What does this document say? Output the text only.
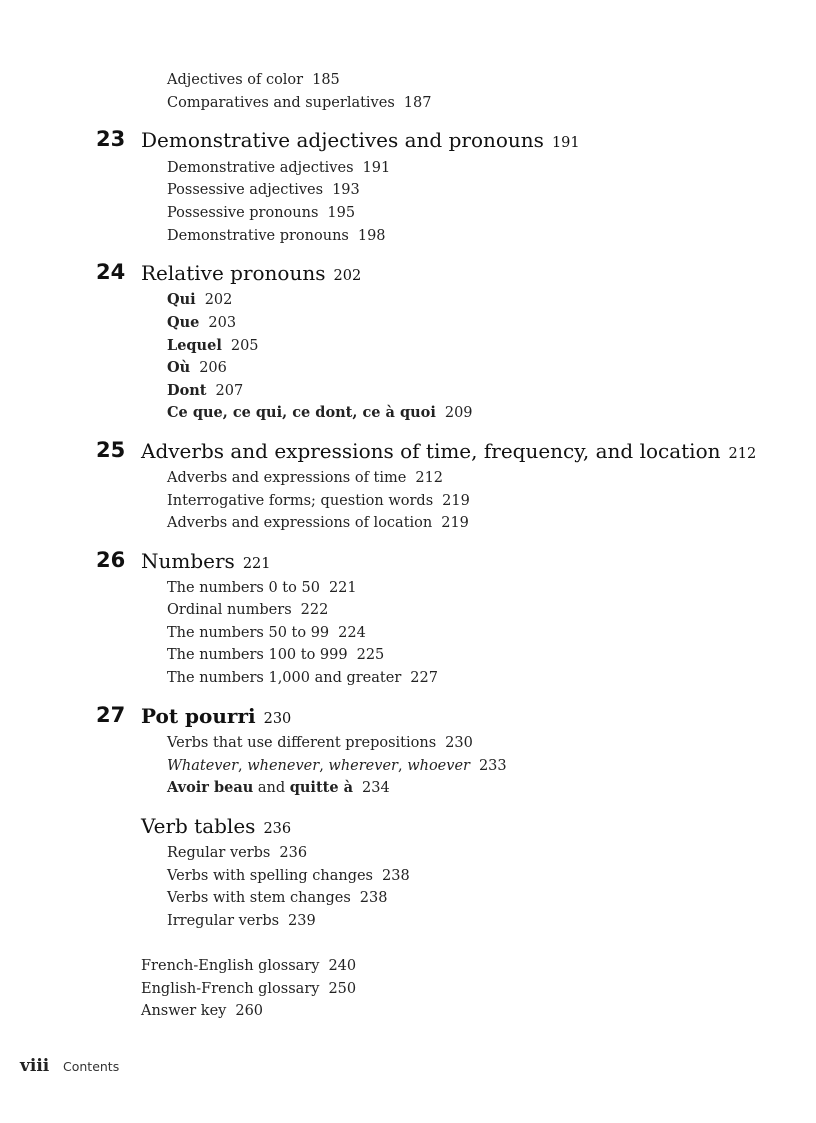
Adjectives of color 185
Comparatives and superlatives 187
23 Demonstrative adjectives and pronouns 191
Demonstrative adjectives 191
Possessive adjectives 193
Possessive pronouns 195
Demonstrative pronouns 198
24 Relative pronouns 202
Qui 202
Que 203
Lequel 205
Où 206
Dont 207
Ce que, ce qui, ce dont, ce à quoi 209
25 Adverbs and expressions of time, frequency, and location 212
Adverbs and expressions of time 212
Interrogative forms; question words 219
Adverbs and expressions of location 219
26 Numbers 221
The numbers 0 to 50 221
Ordinal numbers 222
The numbers 50 to 99 224
The numbers 100 to 999 225
The numbers 1,000 and greater 227
27 Pot pourri 230
Verbs that use different prepositions 230
Whatever, whenever, wherever, whoever 233
Avoir beau and quitte à 234
Verb tables 236
Regular verbs 236
Verbs with spelling changes 238
Verbs with stem changes 238
Irregular verbs 239
French-English glossary 240
English-French glossary 250
Answer key 260
viii Contents
